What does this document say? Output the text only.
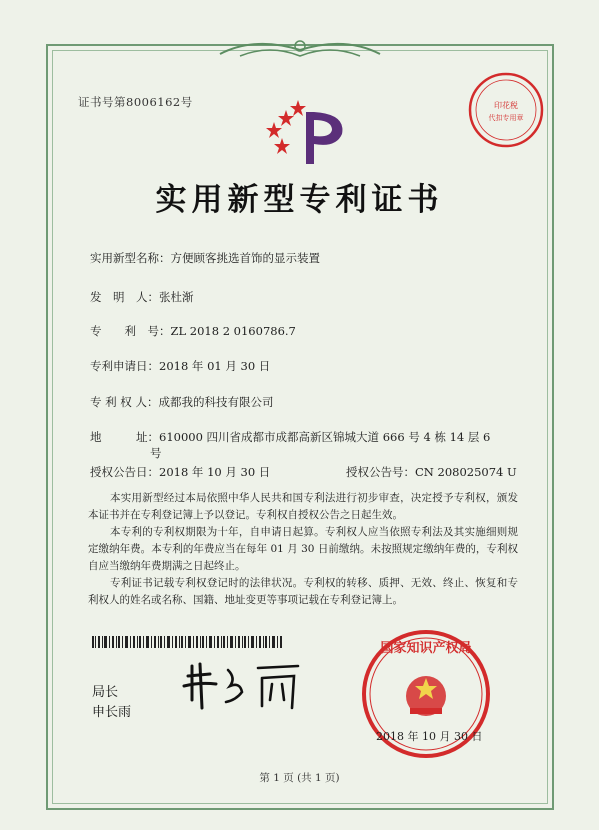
证书号第8006162号	印花税
代扣专用章
实用新型专利证书
实用新型名称：方便顾客挑选首饰的显示装置
发　明　人：张杜渐
专　　利　号：ZL 2018 2 0160786.7
专利申请日：2018 年 01 月 30 日
专 利 权 人：成都我的科技有限公司
地　　　址：610000 四川省成都市成都高新区锦城大道 666 号 4 栋 14 层 6
号
授权公告日：2018 年 10 月 30 日	授权公告号：CN 208025074 U
本实用新型经过本局依照中华人民共和国专利法进行初步审查，决定授予专利权，颁发本证书并在专利登记簿上予以登记。专利权自授权公告之日起生效。
本专利的专利权期限为十年，自申请日起算。专利权人应当依照专利法及其实施细则规定缴纳年费。本专利的年费应当在每年 01 月 30 日前缴纳。未按照规定缴纳年费的，专利权自应当缴纳年费期满之日起终止。
专利证书记载专利权登记时的法律状况。专利权的转移、质押、无效、终止、恢复和专利权人的姓名或名称、国籍、地址变更等事项记载在专利登记簿上。
局长
申长雨
国家知识产权局
2018 年 10 月 30 日
第 1 页 (共 1 页)
